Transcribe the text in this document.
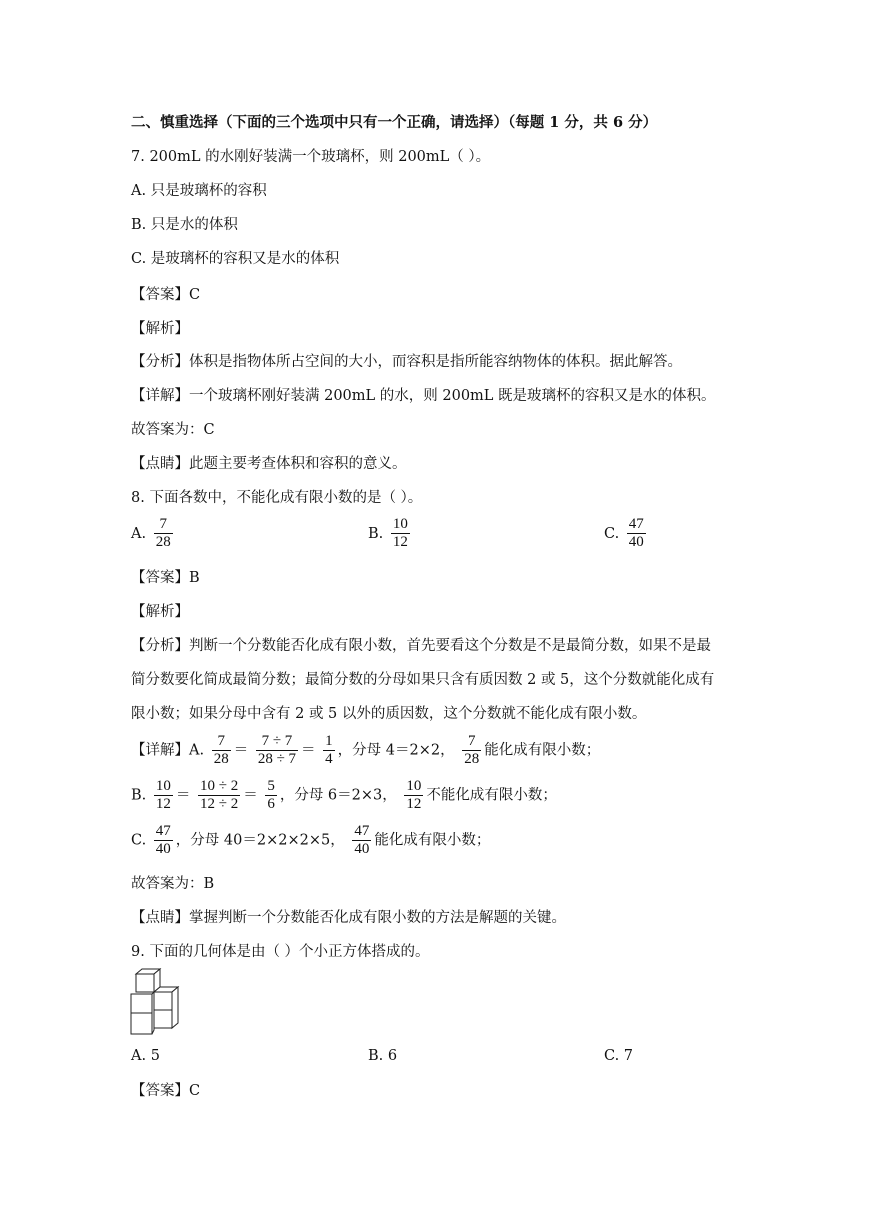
二、慎重选择（下面的三个选项中只有一个正确，请选择）（每题 1 分，共 6 分）
7. 200mL 的水刚好装满一个玻璃杯，则 200mL（ ）。
A. 只是玻璃杯的容积
B. 只是水的体积
C. 是玻璃杯的容积又是水的体积
【答案】C
【解析】
【分析】体积是指物体所占空间的大小，而容积是指所能容纳物体的体积。据此解答。
【详解】一个玻璃杯刚好装满 200mL 的水，则 200mL 既是玻璃杯的容积又是水的体积。
故答案为：C
【点睛】此题主要考查体积和容积的意义。
8. 下面各数中，不能化成有限小数的是（ ）。
A. $\frac{7}{28}$	B. $\frac{10}{12}$	C. $\frac{47}{40}$
【答案】B
【解析】
【分析】判断一个分数能否化成有限小数，首先要看这个分数是不是最简分数，如果不是最
简分数要化简成最简分数；最简分数的分母如果只含有质因数 2 或 5，这个分数就能化成有
限小数；如果分母中含有 2 或 5 以外的质因数，这个分数就不能化成有限小数。
【详解】A. $\frac{7}{28} = \frac{7 \div 7}{28 \div 7} = \frac{1}{4}$ ，分母 4＝2×2， $\frac{7}{28}$ 能化成有限小数；
B. $\frac{10}{12} = \frac{10 \div 2}{12 \div 2} = \frac{5}{6}$ ，分母 6＝2×3， $\frac{10}{12}$ 不能化成有限小数；
C. $\frac{47}{40}$ ，分母 40＝2×2×2×5， $\frac{47}{40}$ 能化成有限小数；
故答案为：B
【点睛】掌握判断一个分数能否化成有限小数的方法是解题的关键。
9. 下面的几何体是由（ ）个小正方体搭成的。
A. 5	B. 6	C. 7
【答案】C
